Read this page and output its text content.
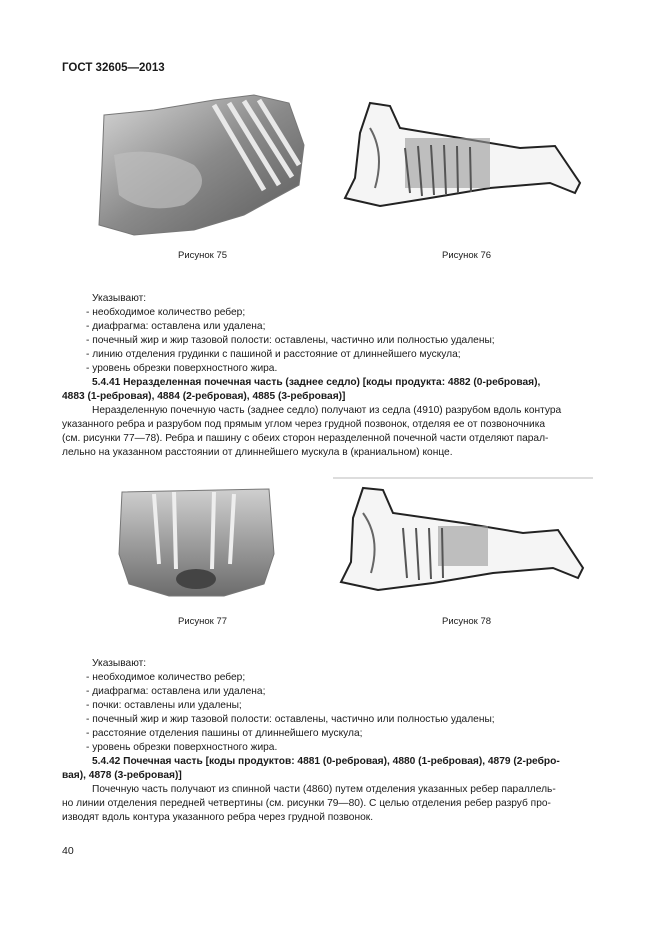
ГОСТ 32605—2013
Рисунок 75	Рисунок 76
Указывают:
- необходимое количество ребер;
- диафрагма: оставлена или удалена;
- почечный жир и жир тазовой полости: оставлены, частично или полностью удалены;
- линию отделения грудинки с пашиной и расстояние от длиннейшего мускула;
- уровень обрезки поверхностного жира.
5.4.41 Неразделенная почечная часть (заднее седло) [коды продукта: 4882 (0-ребровая),
4883 (1-ребровая), 4884 (2-ребровая), 4885 (3-ребровая)]
Неразделенную почечную часть (заднее седло) получают из седла (4910) разрубом вдоль контура
указанного ребра и разрубом под прямым углом через грудной позвонок, отделяя ее от позвоночника
(см. рисунки 77—78). Ребра и пашину с обеих сторон неразделенной почечной части отделяют парал-
лельно на указанном расстоянии от длиннейшего мускула в (краниальном) конце.
Рисунок 77	Рисунок 78
Указывают:
- необходимое количество ребер;
- диафрагма: оставлена или удалена;
- почки: оставлены или удалены;
- почечный жир и жир тазовой полости: оставлены, частично или полностью удалены;
- расстояние отделения пашины от длиннейшего мускула;
- уровень обрезки поверхностного жира.
5.4.42 Почечная часть [коды продуктов: 4881 (0-ребровая), 4880 (1-ребровая), 4879 (2-ребро-
вая), 4878 (3-ребровая)]
Почечную часть получают из спинной части (4860) путем отделения указанных ребер параллель-
но линии отделения передней четвертины (см. рисунки 79—80). С целью отделения ребер разруб про-
изводят вдоль контура указанного ребра через грудной позвонок.
40
